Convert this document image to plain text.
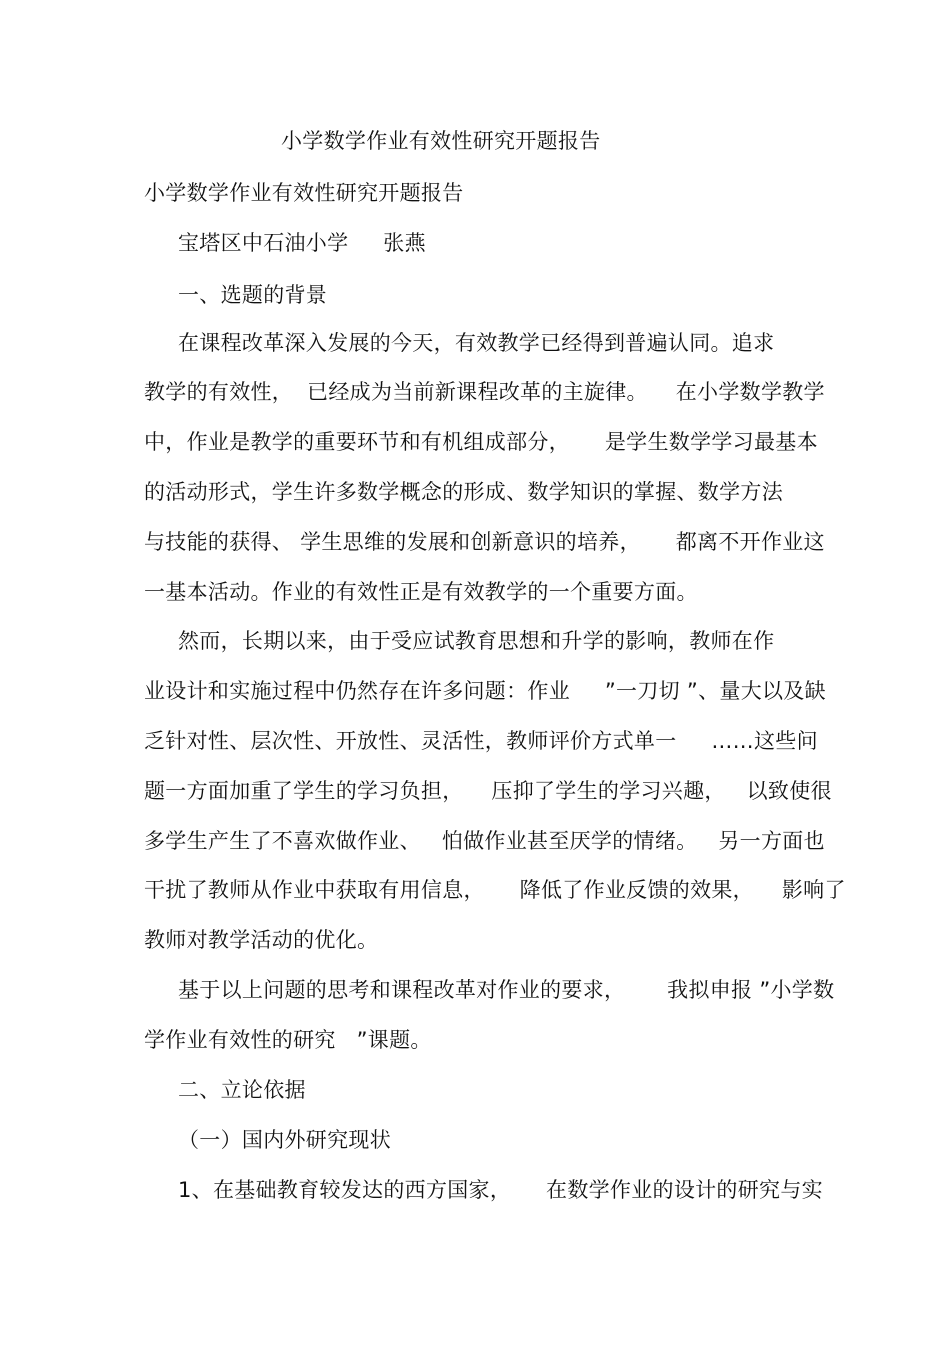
小学数学作业有效性研究开题报告
小学数学作业有效性研究开题报告
宝塔区中石油小学     张燕
一、选题的背景
在课程改革深入发展的今天，有效教学已经得到普遍认同。追求
教学的有效性，  已经成为当前新课程改革的主旋律。    在小学数学教学
中，作业是教学的重要环节和有机组成部分，     是学生数学学习最基本
的活动形式，学生许多数学概念的形成、数学知识的掌握、数学方法
与技能的获得、 学生思维的发展和创新意识的培养，     都离不开作业这
一基本活动。作业的有效性正是有效教学的一个重要方面。
然而，长期以来，由于受应试教育思想和升学的影响，教师在作
业设计和实施过程中仍然存在许多问题：作业     ”一刀切 ”、量大以及缺
乏针对性、层次性、开放性、灵活性，教师评价方式单一     ……这些问
题一方面加重了学生的学习负担，    压抑了学生的学习兴趣，   以致使很
多学生产生了不喜欢做作业、   怕做作业甚至厌学的情绪。   另一方面也
干扰了教师从作业中获取有用信息，     降低了作业反馈的效果，    影响了
教师对教学活动的优化。
基于以上问题的思考和课程改革对作业的要求，      我拟申报 ”小学数
学作业有效性的研究   ”课题。
二、立论依据
（一）国内外研究现状
1、在基础教育较发达的西方国家，     在数学作业的设计的研究与实
